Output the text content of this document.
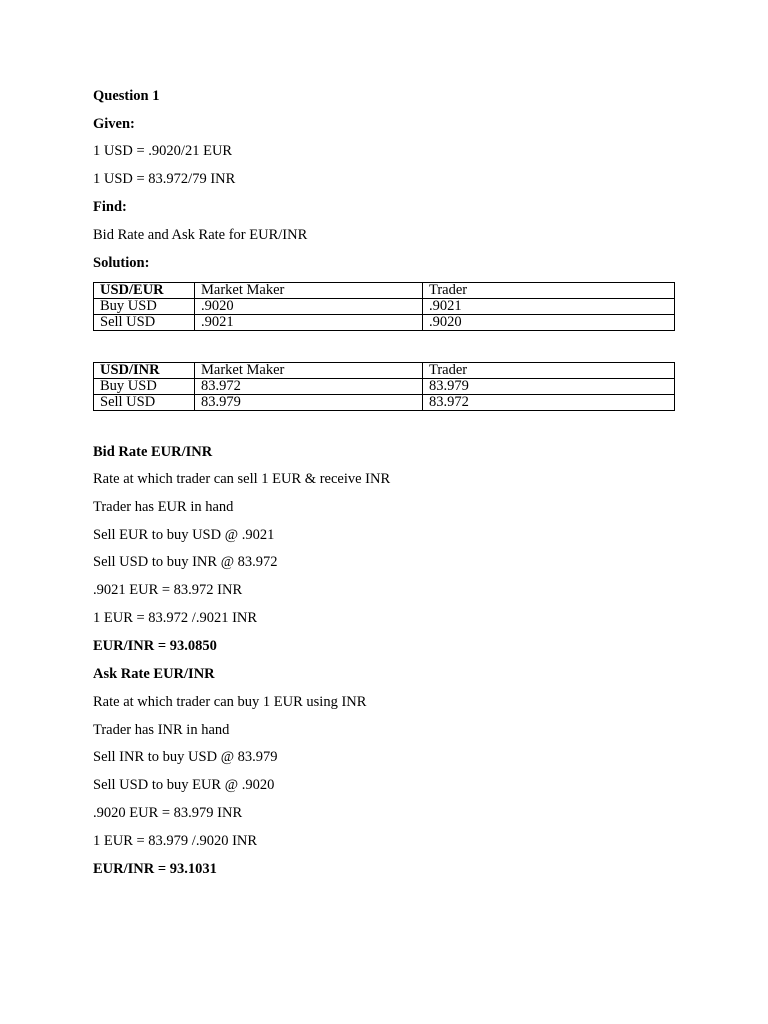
Question 1
Given:
1 USD = .9020/21 EUR
1 USD = 83.972/79 INR
Find:
Bid Rate and Ask Rate for EUR/INR
Solution:
USD/EUR	Market Maker	Trader
Buy USD	.9020	.9021
Sell USD	.9021	.9020
USD/INR	Market Maker	Trader
Buy USD	83.972	83.979
Sell USD	83.979	83.972
Bid Rate EUR/INR
Rate at which trader can sell 1 EUR & receive INR
Trader has EUR in hand
Sell EUR to buy USD @ .9021
Sell USD to buy INR @ 83.972
.9021 EUR = 83.972 INR
1 EUR = 83.972 /.9021 INR
EUR/INR = 93.0850
Ask Rate EUR/INR
Rate at which trader can buy 1 EUR using INR
Trader has INR in hand
Sell INR to buy USD @ 83.979
Sell USD to buy EUR @ .9020
.9020 EUR = 83.979 INR
1 EUR = 83.979 /.9020 INR
EUR/INR = 93.1031
